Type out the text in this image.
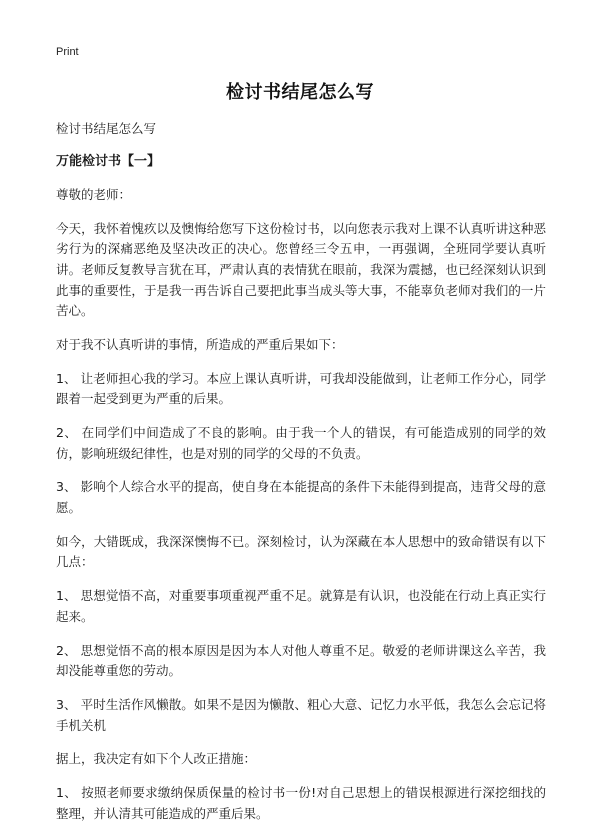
Print
检讨书结尾怎么写
检讨书结尾怎么写
万能检讨书【一】
尊敬的老师：
今天，我怀着愧疚以及懊悔给您写下这份检讨书，以向您表示我对上课不认真听讲这种恶劣行为的深痛恶绝及坚决改正的决心。您曾经三令五申，一再强调，全班同学要认真听讲。老师反复教导言犹在耳，严肃认真的表情犹在眼前，我深为震撼，也已经深刻认识到此事的重要性，于是我一再告诉自己要把此事当成头等大事，不能辜负老师对我们的一片苦心。
对于我不认真听讲的事情，所造成的严重后果如下：
1、 让老师担心我的学习。本应上课认真听讲，可我却没能做到，让老师工作分心，同学跟着一起受到更为严重的后果。
2、 在同学们中间造成了不良的影响。由于我一个人的错误，有可能造成别的同学的效仿，影响班级纪律性，也是对别的同学的父母的不负责。
3、 影响个人综合水平的提高，使自身在本能提高的条件下未能得到提高，违背父母的意愿。
如今，大错既成，我深深懊悔不已。深刻检讨，认为深藏在本人思想中的致命错误有以下几点：
1、 思想觉悟不高，对重要事项重视严重不足。就算是有认识，也没能在行动上真正实行起来。
2、 思想觉悟不高的根本原因是因为本人对他人尊重不足。敬爱的老师讲课这么辛苦，我却没能尊重您的劳动。
3、 平时生活作风懒散。如果不是因为懒散、粗心大意、记忆力水平低，我怎么会忘记将手机关机
据上，我决定有如下个人改正措施：
1、 按照老师要求缴纳保质保量的检讨书一份!对自己思想上的错误根源进行深挖细找的整理，并认清其可能造成的严重后果。
